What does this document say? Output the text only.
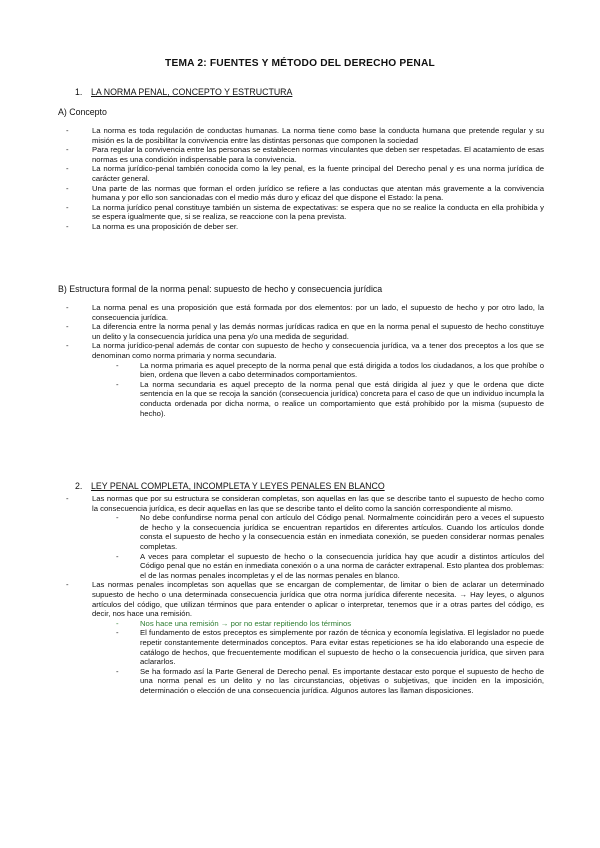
TEMA 2: FUENTES Y MÉTODO DEL DERECHO PENAL
1. LA NORMA PENAL, CONCEPTO Y ESTRUCTURA
A) Concepto
-	La norma es toda regulación de conductas humanas. La norma tiene como base la conducta humana que pretende regular y su misión es la de posibilitar la convivencia entre las distintas personas que componen la sociedad
-	Para regular la convivencia entre las personas se establecen normas vinculantes que deben ser respetadas. El acatamiento de esas normas es una condición indispensable para la convivencia.
-	La norma jurídico-penal también conocida como la ley penal, es la fuente principal del Derecho penal y es una norma jurídica de carácter general.
-	Una parte de las normas que forman el orden jurídico se refiere a las conductas que atentan más gravemente a la convivencia humana y por ello son sancionadas con el medio más duro y eficaz del que dispone el Estado: la pena.
-	La norma jurídico penal constituye también un sistema de expectativas: se espera que no se realice la conducta en ella prohibida y se espera igualmente que, si se realiza, se reaccione con la pena prevista.
-	La norma es una proposición de deber ser.
B) Estructura formal de la norma penal: supuesto de hecho y consecuencia jurídica
-	La norma penal es una proposición que está formada por dos elementos: por un lado, el supuesto de hecho y por otro lado, la consecuencia jurídica.
-	La diferencia entre la norma penal y las demás normas jurídicas radica en que en la norma penal el supuesto de hecho constituye un delito y la consecuencia jurídica una pena y/o una medida de seguridad.
-	La norma jurídico-penal además de contar con supuesto de hecho y consecuencia jurídica, va a tener dos preceptos a los que se denominan como norma primaria y norma secundaria.
-	La norma primaria es aquel precepto de la norma penal que está dirigida a todos los ciudadanos, a los que prohíbe o bien, ordena que lleven a cabo determinados comportamientos.
-	La norma secundaria es aquel precepto de la norma penal que está dirigida al juez y que le ordena que dicte sentencia en la que se recoja la sanción (consecuencia jurídica) concreta para el caso de que un individuo incumpla la conducta ordenada por dicha norma, o realice un comportamiento que está prohibido por la misma (supuesto de hecho).
2. LEY PENAL COMPLETA, INCOMPLETA Y LEYES PENALES EN BLANCO
-	Las normas que por su estructura se consideran completas, son aquellas en las que se describe tanto el supuesto de hecho como la consecuencia jurídica, es decir aquellas en las que se describe tanto el delito como la sanción correspondiente al mismo.
-	No debe confundirse norma penal con artículo del Código penal. Normalmente coincidirán pero a veces el supuesto de hecho y la consecuencia jurídica se encuentran repartidos en diferentes artículos. Cuando los artículos donde consta el supuesto de hecho y la consecuencia están en inmediata conexión, se pueden considerar normas penales completas.
-	A veces para completar el supuesto de hecho o la consecuencia jurídica hay que acudir a distintos artículos del Código penal que no están en inmediata conexión o a una norma de carácter extrapenal. Esto plantea dos problemas: el de las normas penales incompletas y el de las normas penales en blanco.
-	Las normas penales incompletas son aquellas que se encargan de complementar, de limitar o bien de aclarar un determinado supuesto de hecho o una determinada consecuencia jurídica que otra norma jurídica diferente necesita. → Hay leyes, o algunos artículos del código, que utilizan términos que para entender o aplicar o interpretar, tenemos que ir a otras partes del código, es decir, nos hace una remisión.
-	Nos hace una remisión → por no estar repitiendo los términos
-	El fundamento de estos preceptos es simplemente por razón de técnica y economía legislativa. El legislador no puede repetir constantemente determinados conceptos. Para evitar estas repeticiones se ha ido elaborando una especie de catálogo de hechos, que frecuentemente modifican el supuesto de hecho o la consecuencia jurídica, que sirven para aclararlos.
-	Se ha formado así la Parte General de Derecho penal. Es importante destacar esto porque el supuesto de hecho de una norma penal es un delito y no las circunstancias, objetivas o subjetivas, que inciden en la imposición, determinación o elección de una consecuencia jurídica. Algunos autores las llaman disposiciones.
